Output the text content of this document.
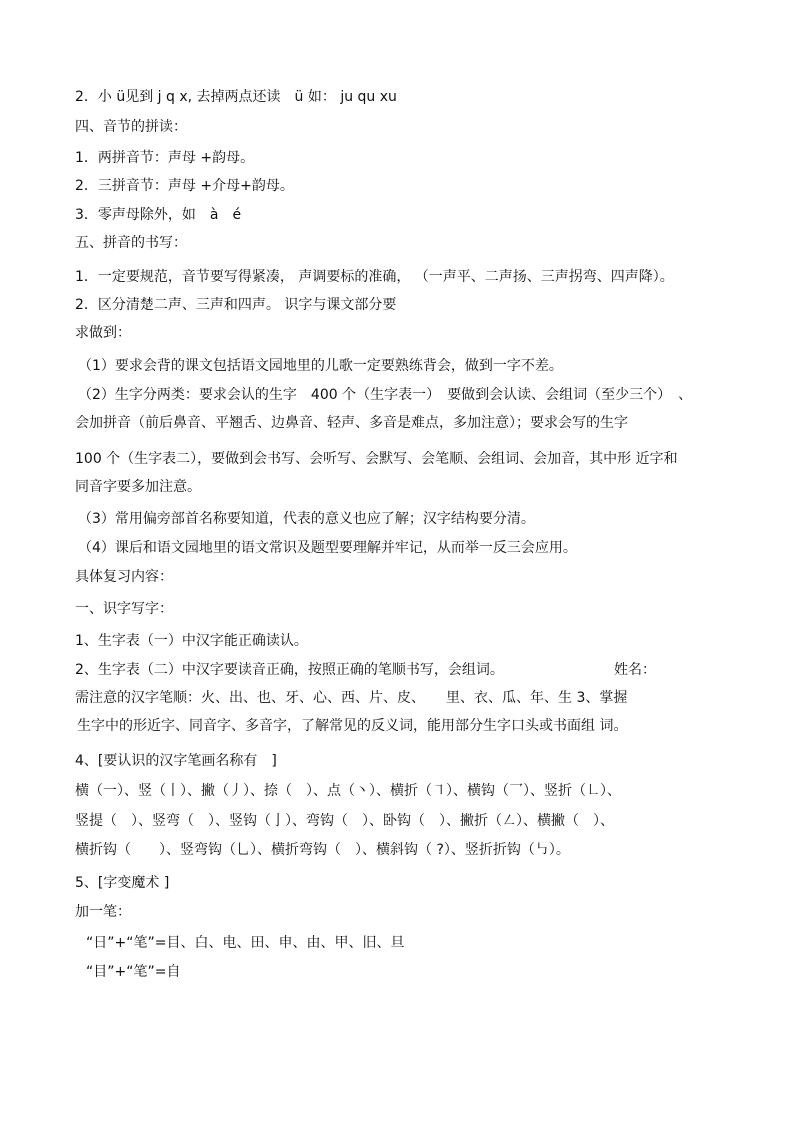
2．小 ü见到 j q x, 去掉两点还读　ü 如： ju qu xu
四、音节的拼读：
1．两拼音节：声母 +韵母。
2．三拼音节：声母 +介母+韵母。
3．零声母除外，如　à　é
五、拼音的书写：
1．一定要规范，音节要写得紧凑， 声调要标的准确， （一声平、二声扬、三声拐弯、四声降）。
2．区分清楚二声、三声和四声。 识字与课文部分要
求做到：
（1）要求会背的课文包括语文园地里的儿歌一定要熟练背会，做到一字不差。
（2）生字分两类：要求会认的生字　400 个（生字表一）　要做到会认读、会组词（至少三个）　、
会加拼音（前后鼻音、平翘舌、边鼻音、轻声、多音是难点，多加注意）；要求会写的生字
100 个（生字表二），要做到会书写、会听写、会默写、会笔顺、会组词、会加音，其中形 近字和
同音字要多加注意。
（3）常用偏旁部首名称要知道，代表的意义也应了解；汉字结构要分清。
（4）课后和语文园地里的语文常识及题型要理解并牢记，从而举一反三会应用。
具体复习内容：
一、识字写字：
1、生字表（一）中汉字能正确读认。
2、生字表（二）中汉字要读音正确，按照正确的笔顺书写，会组词。	姓名：
需注意的汉字笔顺：火、出、也、牙、心、西、片、皮、　　里、衣、瓜、年、生 3、掌握
生字中的形近字、同音字、多音字，了解常见的反义词，能用部分生字口头或书面组 词。
4、[要认识的汉字笔画名称有　]
横（一）、竖（丨）、撇（丿）、捺（　）、点（丶）、横折（㇕）、横钩（乛）、竖折（㇗）、
竖提（　）、竖弯（　）、竖钩（亅）、弯钩（　）、卧钩（　）、撇折（㇜）、横撇（　）、
横折钩（　　）、竖弯钩（乚）、横折弯钩（　）、横斜钩（ ?）、竖折折钩（㇉）。
5、[字变魔术 ]
加一笔：
“日”+“笔”=目、白、电、田、申、由、甲、旧、旦
“目”+“笔”=自
